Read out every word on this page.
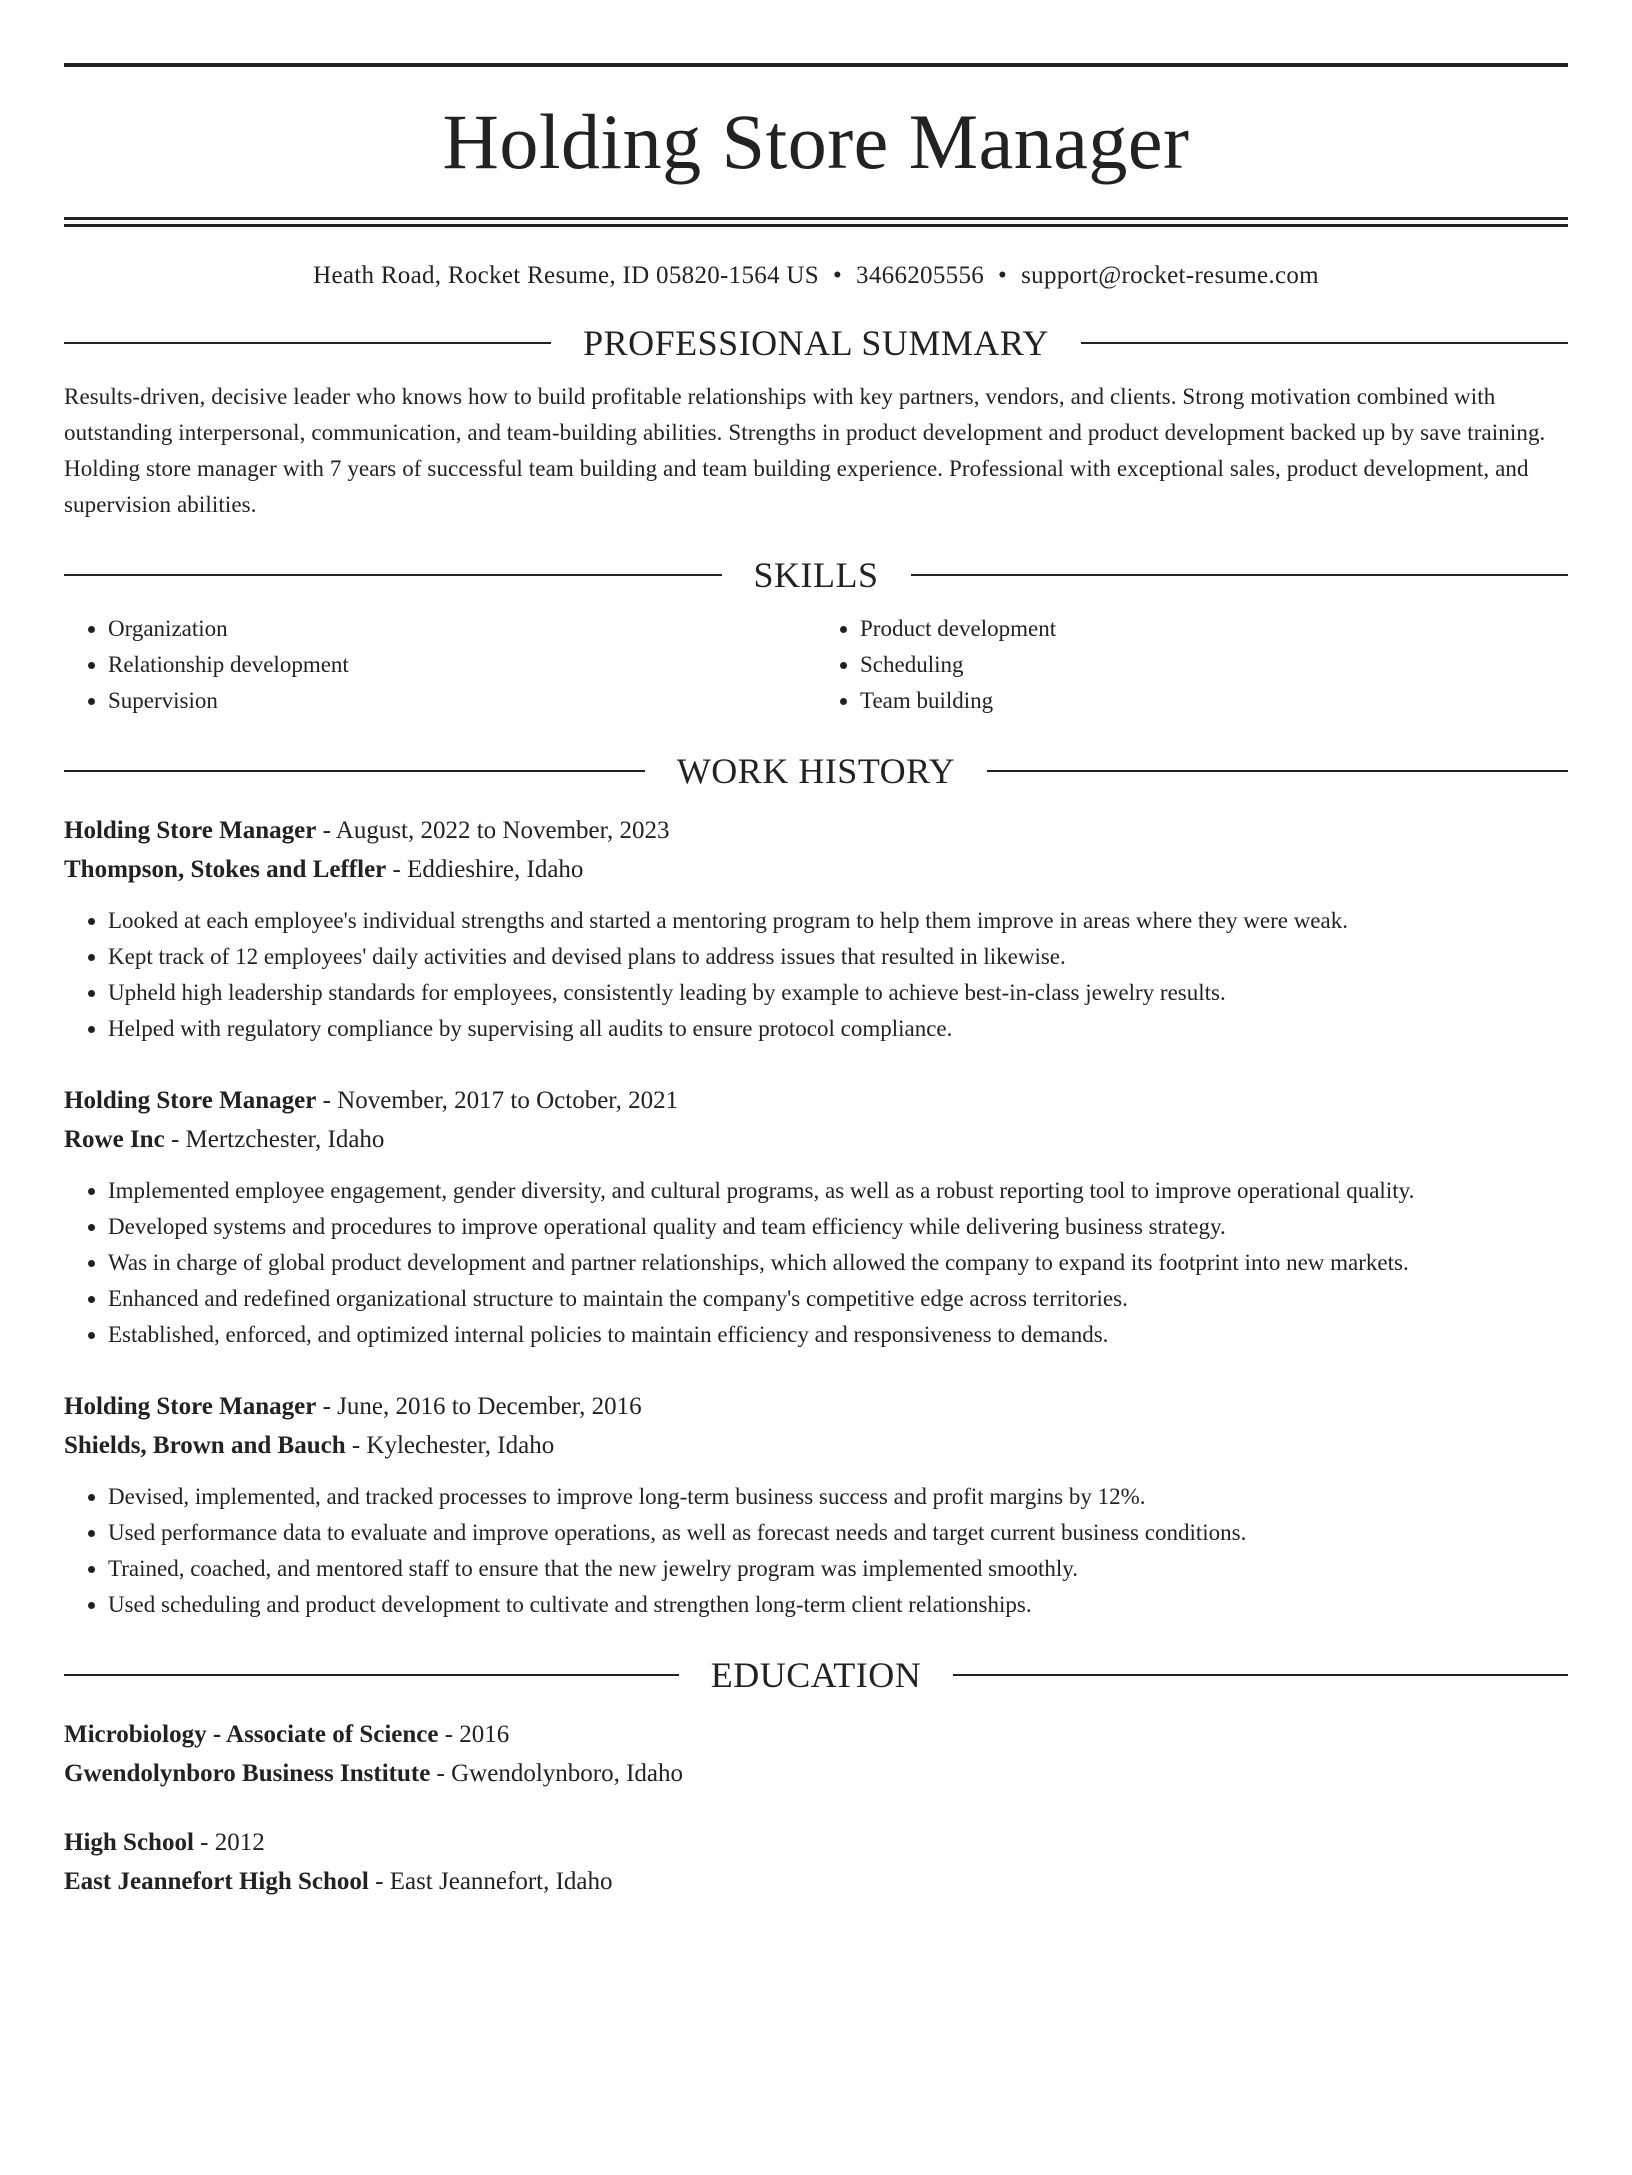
Holding Store Manager
Heath Road, Rocket Resume, ID 05820-1564 US • 3466205556 • support@rocket-resume.com
PROFESSIONAL SUMMARY

Results-driven, decisive leader who knows how to build profitable relationships with key partners, vendors, and clients. Strong motivation combined with outstanding interpersonal, communication, and team-building abilities. Strengths in product development and product development backed up by save training. Holding store manager with 7 years of successful team building and team building experience. Professional with exceptional sales, product development, and supervision abilities.

SKILLS
• Organization
• Relationship development
• Supervision
• Product development
• Scheduling
• Team building
WORK HISTORY
Holding Store Manager - August, 2022 to November, 2023
Thompson, Stokes and Leffler - Eddieshire, Idaho
• Looked at each employee's individual strengths and started a mentoring program to help them improve in areas where they were weak.
• Kept track of 12 employees' daily activities and devised plans to address issues that resulted in likewise.
• Upheld high leadership standards for employees, consistently leading by example to achieve best-in-class jewelry results.
• Helped with regulatory compliance by supervising all audits to ensure protocol compliance.
Holding Store Manager - November, 2017 to October, 2021
Rowe Inc - Mertzchester, Idaho
• Implemented employee engagement, gender diversity, and cultural programs, as well as a robust reporting tool to improve operational quality.
• Developed systems and procedures to improve operational quality and team efficiency while delivering business strategy.
• Was in charge of global product development and partner relationships, which allowed the company to expand its footprint into new markets.
• Enhanced and redefined organizational structure to maintain the company's competitive edge across territories.
• Established, enforced, and optimized internal policies to maintain efficiency and responsiveness to demands.
Holding Store Manager - June, 2016 to December, 2016
Shields, Brown and Bauch - Kylechester, Idaho
• Devised, implemented, and tracked processes to improve long-term business success and profit margins by 12%.
• Used performance data to evaluate and improve operations, as well as forecast needs and target current business conditions.
• Trained, coached, and mentored staff to ensure that the new jewelry program was implemented smoothly.
• Used scheduling and product development to cultivate and strengthen long-term client relationships.
EDUCATION
Microbiology - Associate of Science - 2016
Gwendolynboro Business Institute - Gwendolynboro, Idaho
High School - 2012
East Jeannefort High School - East Jeannefort, Idaho
